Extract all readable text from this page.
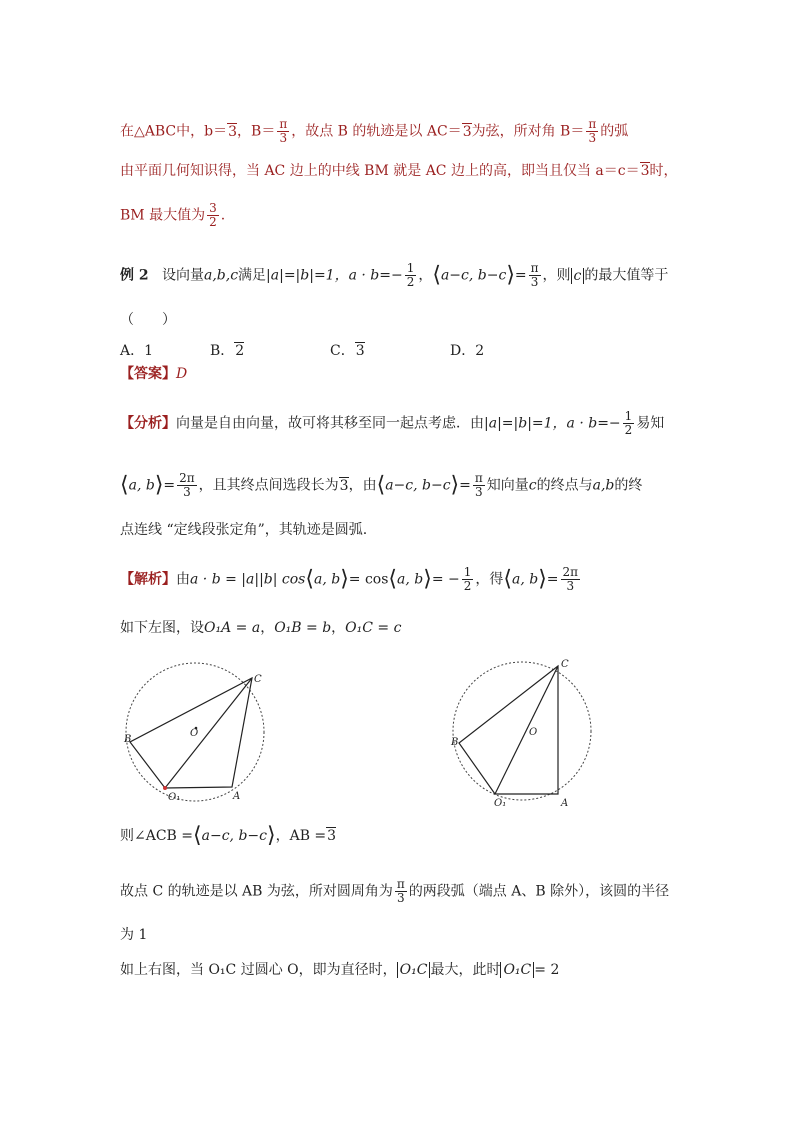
在△ABC中，b＝3，$B= \frac{\pi}{3}$ ，故点 B 的轨迹是以 AC＝3为弦，所对角 $B= \frac{\pi}{3}$ 的弧
由平面几何知识得，当 AC 边上的中线 BM 就是 AC 边上的高，即当且仅当 a＝c＝3时，
BM 最大值为 $\frac{3}{2}$ .
例 2 设向量a,b,c满足|a|=|b|=1，$a \cdot b=- \frac{1}{2}$ ，⟨a−c, b−c⟩= $\frac{\pi}{3}$ ，则 c 的最大值等于
（　　）
A．1	B．2	C．3	D．2
【答案】D
【分析】向量是自由向量，故可将其移至同一起点考虑．由|a|=|b|=1，$a \cdot b=- \frac{1}{2}$ 易知
⟨a, b⟩= $\frac{2\pi}{3}$ ，且其终点间选段长为3，由⟨a−c, b−c⟩= $\frac{\pi}{3}$ 知向量c的终点与a,b的终
点连线 “定线段张定角”，其轨迹是圆弧.
【解析】由a · b = |a||b| cos⟨a, b⟩= cos⟨a, b⟩= − $\frac{1}{2}$ ，得⟨a, b⟩= $\frac{2\pi}{3}$
如下左图，设O₁A = a，O₁B = b，O₁C = c
C
B
O
O₁	A
C
B
O
O₁	A
则∠ACB =⟨a−c, b−c⟩，AB =3
故点 C 的轨迹是以 AB 为弦，所对圆周角为 $\frac{\pi}{3}$ 的两段弧（端点 A、B 除外），该圆的半径
为 1
如上右图，当 O₁C 过圆心 O，即为直径时， O₁C 最大，此时 O₁C = 2
